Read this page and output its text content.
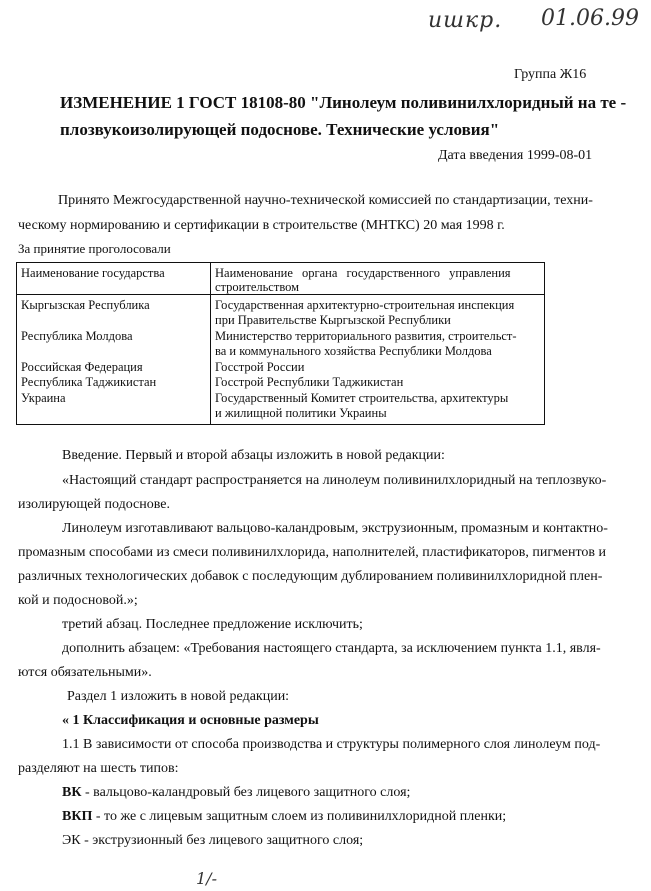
ишкр. 01.06.99
1/-
Группа Ж16
ИЗМЕНЕНИЕ 1 ГОСТ 18108-80 "Линолеум поливинилхлоридный на те -
плозвукоизолирующей подоснове. Технические условия"
Дата введения 1999-08-01
Принято Межгосударственной научно-технической комиссией по стандартизации, техни-
ческому нормированию и сертификации в строительстве (МНТКС) 20 мая 1998 г.
За принятие проголосовали
Наименование государства	Наименование органа государственного управления
строительством
Кыргызская Республика
Республика Молдова
Российская Федерация
Республика Таджикистан
Украина
Государственная архитектурно-строительная инспекция
при Правительстве Кыргызской Республики
Министерство территориального развития, строительст-
ва и коммунального хозяйства Республики Молдова
Госстрой России
Госстрой Республики Таджикистан
Государственный Комитет строительства, архитектуры
и жилищной политики Украины
Введение. Первый и второй абзацы изложить в новой редакции:
«Настоящий стандарт распространяется на линолеум поливинилхлоридный на теплозвуко-
изолирующей подоснове.
Линолеум изготавливают вальцово-каландровым, экструзионным, промазным и контактно-
промазным способами из смеси поливинилхлорида, наполнителей, пластификаторов, пигментов и
различных технологических добавок с последующим дублированием поливинилхлоридной плен-
кой и подосновой.»;
третий абзац. Последнее предложение исключить;
дополнить абзацем: «Требования настоящего стандарта, за исключением пункта 1.1, явля-
ются обязательными».
Раздел 1 изложить в новой редакции:
« 1 Классификация и основные размеры
1.1 В зависимости от способа производства и структуры полимерного слоя линолеум под-
разделяют на шесть типов:
ВК - вальцово-каландровый без лицевого защитного слоя;
ВКП - то же с лицевым защитным слоем из поливинилхлоридной пленки;
ЭК - экструзионный без лицевого защитного слоя;
